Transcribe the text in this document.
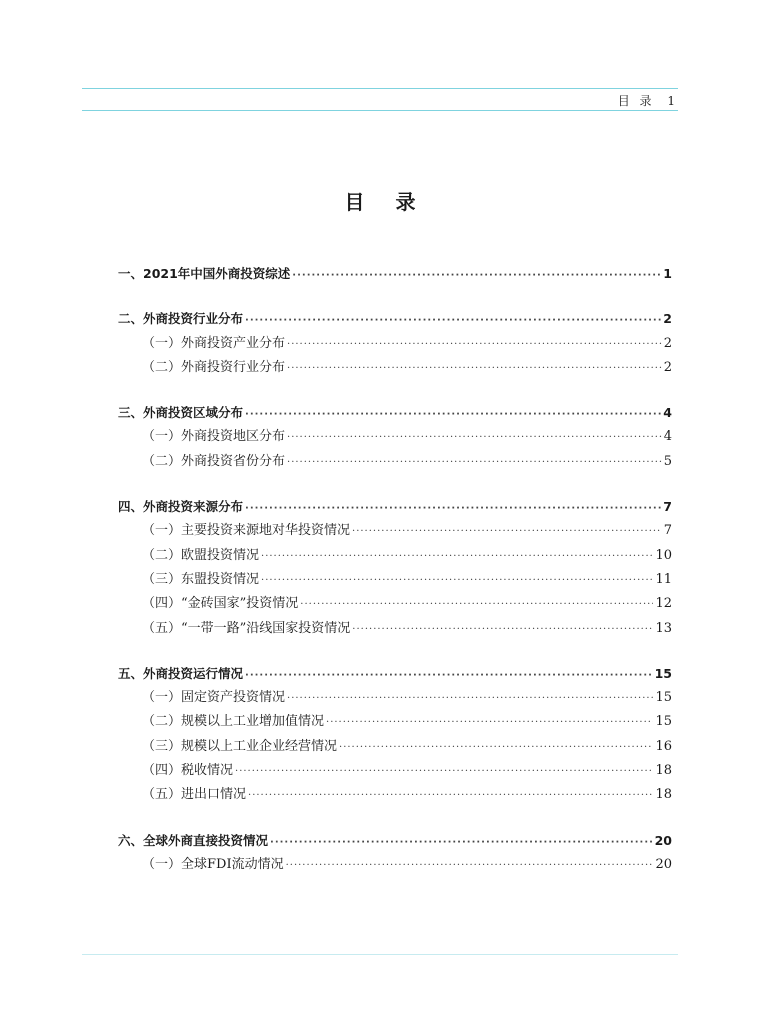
目 录 1
目 录
一、2021年中国外商投资综述 ·····	1
二、外商投资行业分布 ·····	2
（一）外商投资产业分布 ·····	2
（二）外商投资行业分布 ·····	2
三、外商投资区域分布 ·····	4
（一）外商投资地区分布 ·····	4
（二）外商投资省份分布 ·····	5
四、外商投资来源分布 ·····	7
（一）主要投资来源地对华投资情况 ·····	7
（二）欧盟投资情况 ·····	10
（三）东盟投资情况 ·····	11
（四）“金砖国家”投资情况 ·····	12
（五）“一带一路”沿线国家投资情况 ·····	13
五、外商投资运行情况 ·····	15
（一）固定资产投资情况 ·····	15
（二）规模以上工业增加值情况 ·····	15
（三）规模以上工业企业经营情况 ·····	16
（四）税收情况 ·····	18
（五）进出口情况 ·····	18
六、全球外商直接投资情况 ·····	20
（一）全球FDI流动情况 ·····	20
